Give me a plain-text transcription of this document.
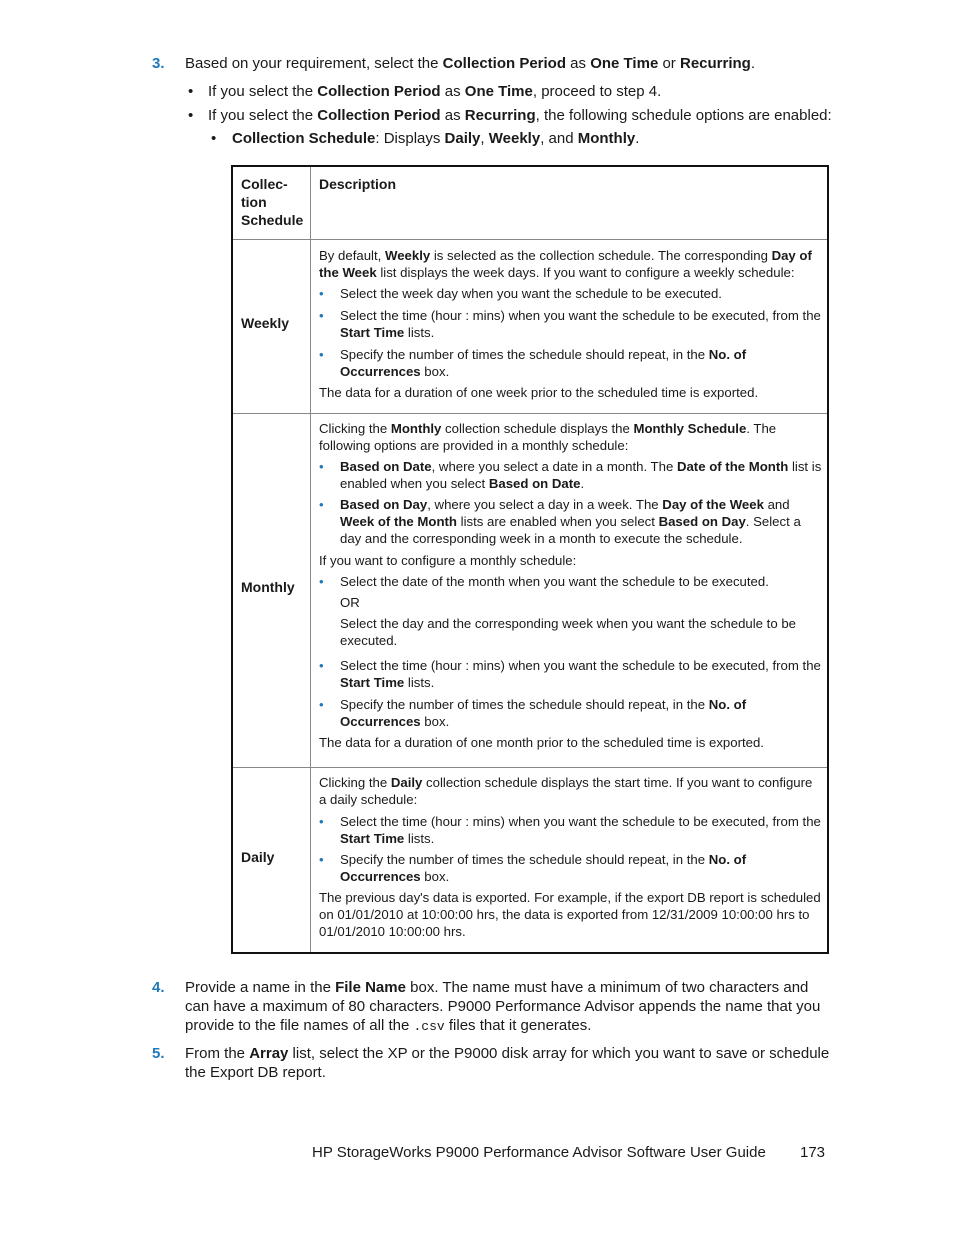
3. Based on your requirement, select the Collection Period as One Time or Recurring.
• If you select the Collection Period as One Time, proceed to step 4.
• If you select the Collection Period as Recurring, the following schedule options are enabled:
• Collection Schedule: Displays Daily, Weekly, and Monthly.
Collec-
tion
Schedule
Description
Weekly

By default, Weekly is selected as the collection schedule. The corresponding Day of the Week list displays the week days. If you want to configure a weekly schedule:

• Select the week day when you want the schedule to be executed.

• Select the time (hour : mins) when you want the schedule to be executed, from the Start Time lists.

• Specify the number of times the schedule should repeat, in the No. of Occurrences box.

The data for a duration of one week prior to the scheduled time is exported.

Monthly

Clicking the Monthly collection schedule displays the Monthly Schedule. The following options are provided in a monthly schedule:

• Based on Date, where you select a date in a month. The Date of the Month list is enabled when you select Based on Date.

• Based on Day, where you select a day in a week. The Day of the Week and Week of the Month lists are enabled when you select Based on Day. Select a day and the corresponding week in a month to execute the schedule.

If you want to configure a monthly schedule:

• Select the date of the month when you want the schedule to be executed.

OR

Select the day and the corresponding week when you want the schedule to be executed.

• Select the time (hour : mins) when you want the schedule to be executed, from the Start Time lists.

• Specify the number of times the schedule should repeat, in the No. of Occurrences box.

The data for a duration of one month prior to the scheduled time is exported.

Daily

Clicking the Daily collection schedule displays the start time. If you want to configure a daily schedule:

• Select the time (hour : mins) when you want the schedule to be executed, from the Start Time lists.

• Specify the number of times the schedule should repeat, in the No. of Occurrences box.

The previous day's data is exported. For example, if the export DB report is scheduled on 01/01/2010 at 10:00:00 hrs, the data is exported from 12/31/2009 10:00:00 hrs to 01/01/2010 10:00:00 hrs.

4. Provide a name in the File Name box. The name must have a minimum of two characters and can have a maximum of 80 characters. P9000 Performance Advisor appends the name that you provide to the file names of all the .csv files that it generates.
5. From the Array list, select the XP or the P9000 disk array for which you want to save or schedule the Export DB report.
HP StorageWorks P9000 Performance Advisor Software User Guide 173
